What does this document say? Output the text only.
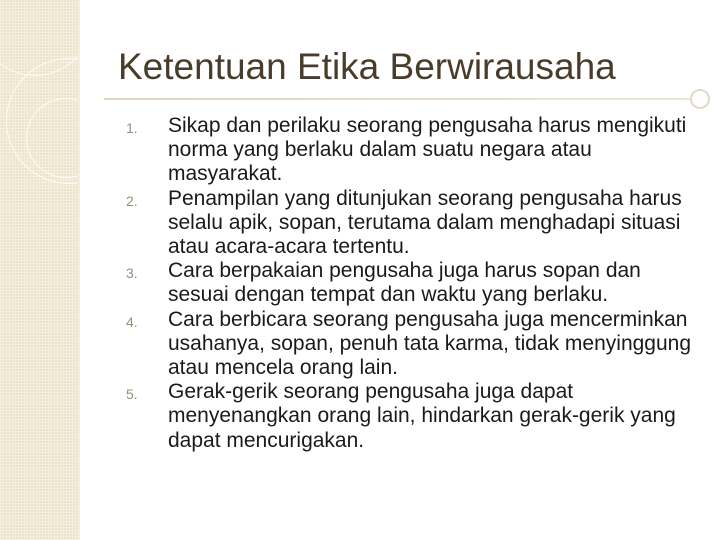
Ketentuan Etika Berwirausaha
1. Sikap dan perilaku seorang pengusaha harus mengikuti norma yang berlaku dalam suatu negara atau masyarakat.
2. Penampilan yang ditunjukan seorang pengusaha harus selalu apik, sopan, terutama dalam menghadapi situasi atau acara-acara tertentu.
3. Cara berpakaian pengusaha juga harus sopan dan sesuai dengan tempat dan waktu yang berlaku.
4. Cara berbicara seorang pengusaha juga mencerminkan usahanya, sopan, penuh tata karma, tidak menyinggung atau mencela orang lain.
5. Gerak-gerik seorang pengusaha juga dapat menyenangkan orang lain, hindarkan gerak-gerik yang dapat mencurigakan.
